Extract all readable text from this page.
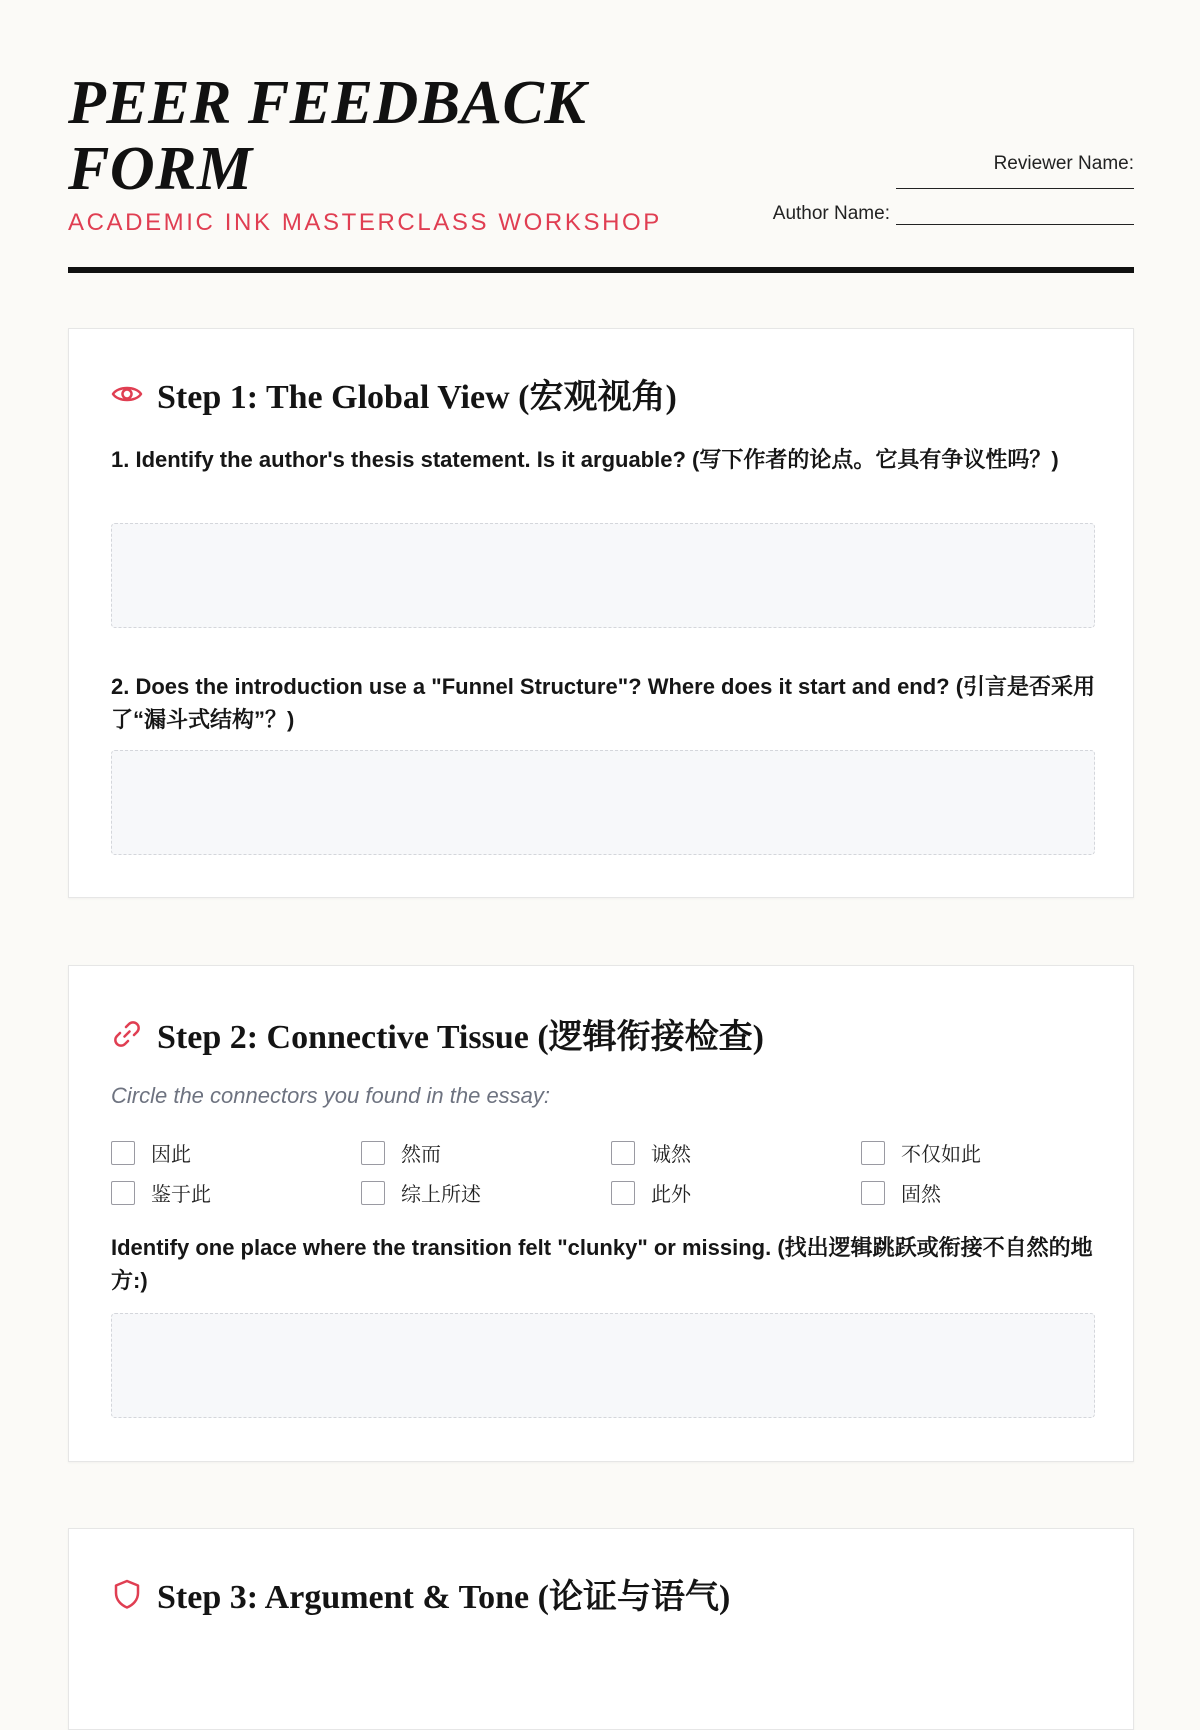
PEER FEEDBACK FORM
ACADEMIC INK MASTERCLASS WORKSHOP
Reviewer Name:
Author Name:
Step 1: The Global View (宏观视角)
1. Identify the author's thesis statement. Is it arguable? (写下作者的论点。它具有争议性吗？)
2. Does the introduction use a "Funnel Structure"? Where does it start and end? (引言是否采用了“漏斗式结构”？)
Step 2: Connective Tissue (逻辑衔接检查)
Circle the connectors you found in the essay:
因此	然而	诚然	不仅如此
鉴于此	综上所述	此外	固然
Identify one place where the transition felt "clunky" or missing. (找出逻辑跳跃或衔接不自然的地方:)
Step 3: Argument & Tone (论证与语气)
